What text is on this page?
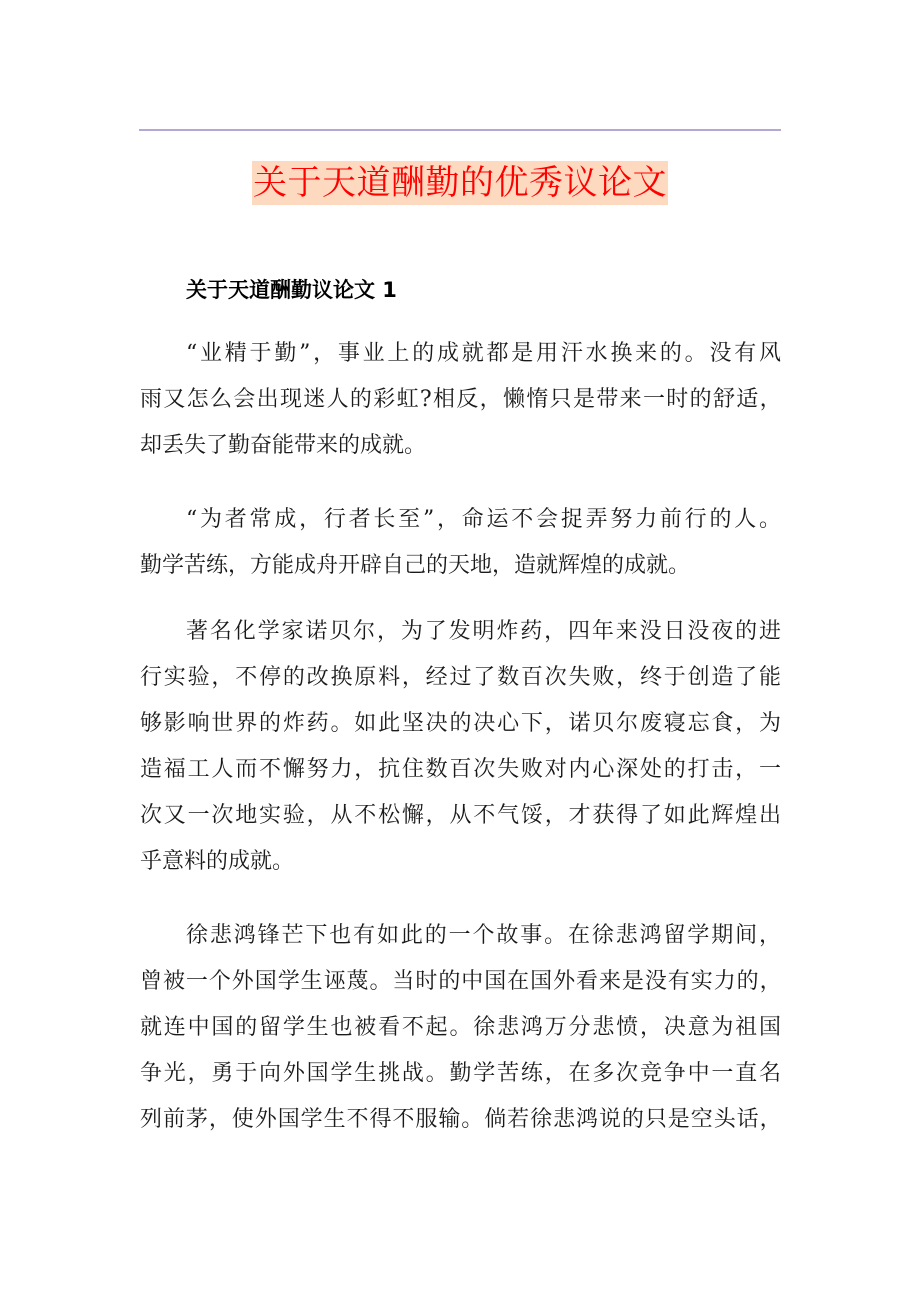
关于天道酬勤的优秀议论文
关于天道酬勤议论文 1
“业精于勤”，事业上的成就都是用汗水换来的。没有风
雨又怎么会出现迷人的彩虹?相反，懒惰只是带来一时的舒适，
却丢失了勤奋能带来的成就。
“为者常成，行者长至”，命运不会捉弄努力前行的人。
勤学苦练，方能成舟开辟自己的天地，造就辉煌的成就。
著名化学家诺贝尔，为了发明炸药，四年来没日没夜的进
行实验，不停的改换原料，经过了数百次失败，终于创造了能
够影响世界的炸药。如此坚决的决心下，诺贝尔废寝忘食，为
造福工人而不懈努力，抗住数百次失败对内心深处的打击，一
次又一次地实验，从不松懈，从不气馁，才获得了如此辉煌出
乎意料的成就。
徐悲鸿锋芒下也有如此的一个故事。在徐悲鸿留学期间，
曾被一个外国学生诬蔑。当时的中国在国外看来是没有实力的，
就连中国的留学生也被看不起。徐悲鸿万分悲愤，决意为祖国
争光，勇于向外国学生挑战。勤学苦练，在多次竞争中一直名
列前茅，使外国学生不得不服输。倘若徐悲鸿说的只是空头话，
